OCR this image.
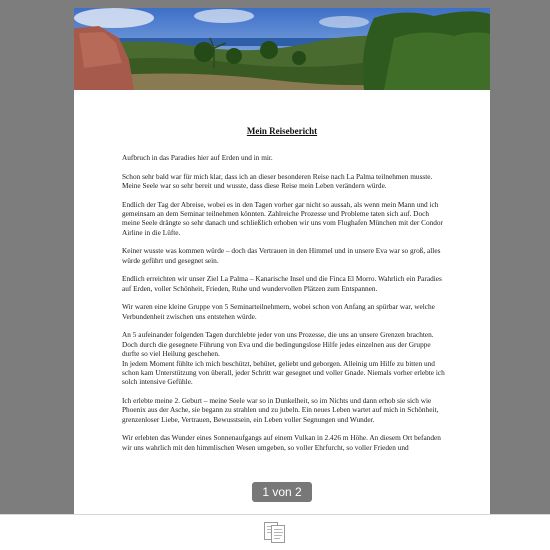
Mein Reisebericht

Aufbruch in das Paradies hier auf Erden und in mir.

Schon sehr bald war für mich klar, dass ich an dieser besonderen Reise nach La Palma teilnehmen musste. Meine Seele war so sehr bereit und wusste, dass diese Reise mein Leben verändern würde.

Endlich der Tag der Abreise, wobei es in den Tagen vorher gar nicht so aussah, als wenn mein Mann und ich gemeinsam an dem Seminar teilnehmen könnten. Zahlreiche Prozesse und Probleme taten sich auf. Doch meine Seele drängte so sehr danach und schließlich erhoben wir uns vom Flughafen München mit der Condor Airline in die Lüfte.

Keiner wusste was kommen würde – doch das Vertrauen in den Himmel und in unsere Eva war so groß, alles würde geführt und gesegnet sein.

Endlich erreichten wir unser Ziel La Palma – Kanarische Insel und die Finca El Morro. Wahrlich ein Paradies auf Erden, voller Schönheit, Frieden, Ruhe und wundervollen Plätzen zum Entspannen.

Wir waren eine kleine Gruppe von 5 Seminarteilnehmern, wobei schon von Anfang an spürbar war, welche Verbundenheit zwischen uns entstehen würde.

An 5 aufeinander folgenden Tagen durchlebte jeder von uns Prozesse, die uns an unsere Grenzen brachten. Doch durch die gesegnete Führung von Eva und die bedingungslose Hilfe jedes einzelnen aus der Gruppe durfte so viel Heilung geschehen.
In jedem Moment fühlte ich mich beschützt, behütet, geliebt und geborgen. Alleinig um Hilfe zu bitten und schon kam Unterstützung von überall, jeder Schritt war gesegnet und voller Gnade. Niemals vorher erlebte ich solch intensive Gefühle.

Ich erlebte meine 2. Geburt – meine Seele war so in Dunkelheit, so im Nichts und dann erhob sie sich wie Phoenix aus der Asche, sie begann zu strahlen und zu jubeln. Ein neues Leben wartet auf mich in Schönheit, grenzenloser Liebe, Vertrauen, Bewusstsein, ein Leben voller Segnungen und Wunder.

Wir erlebten das Wunder eines Sonnenaufgangs auf einem Vulkan in 2.426 m Höhe. An diesem Ort befanden wir uns wahrlich mit den himmlischen Wesen umgeben, so voller Ehrfurcht, so voller Frieden und

1 von 2
